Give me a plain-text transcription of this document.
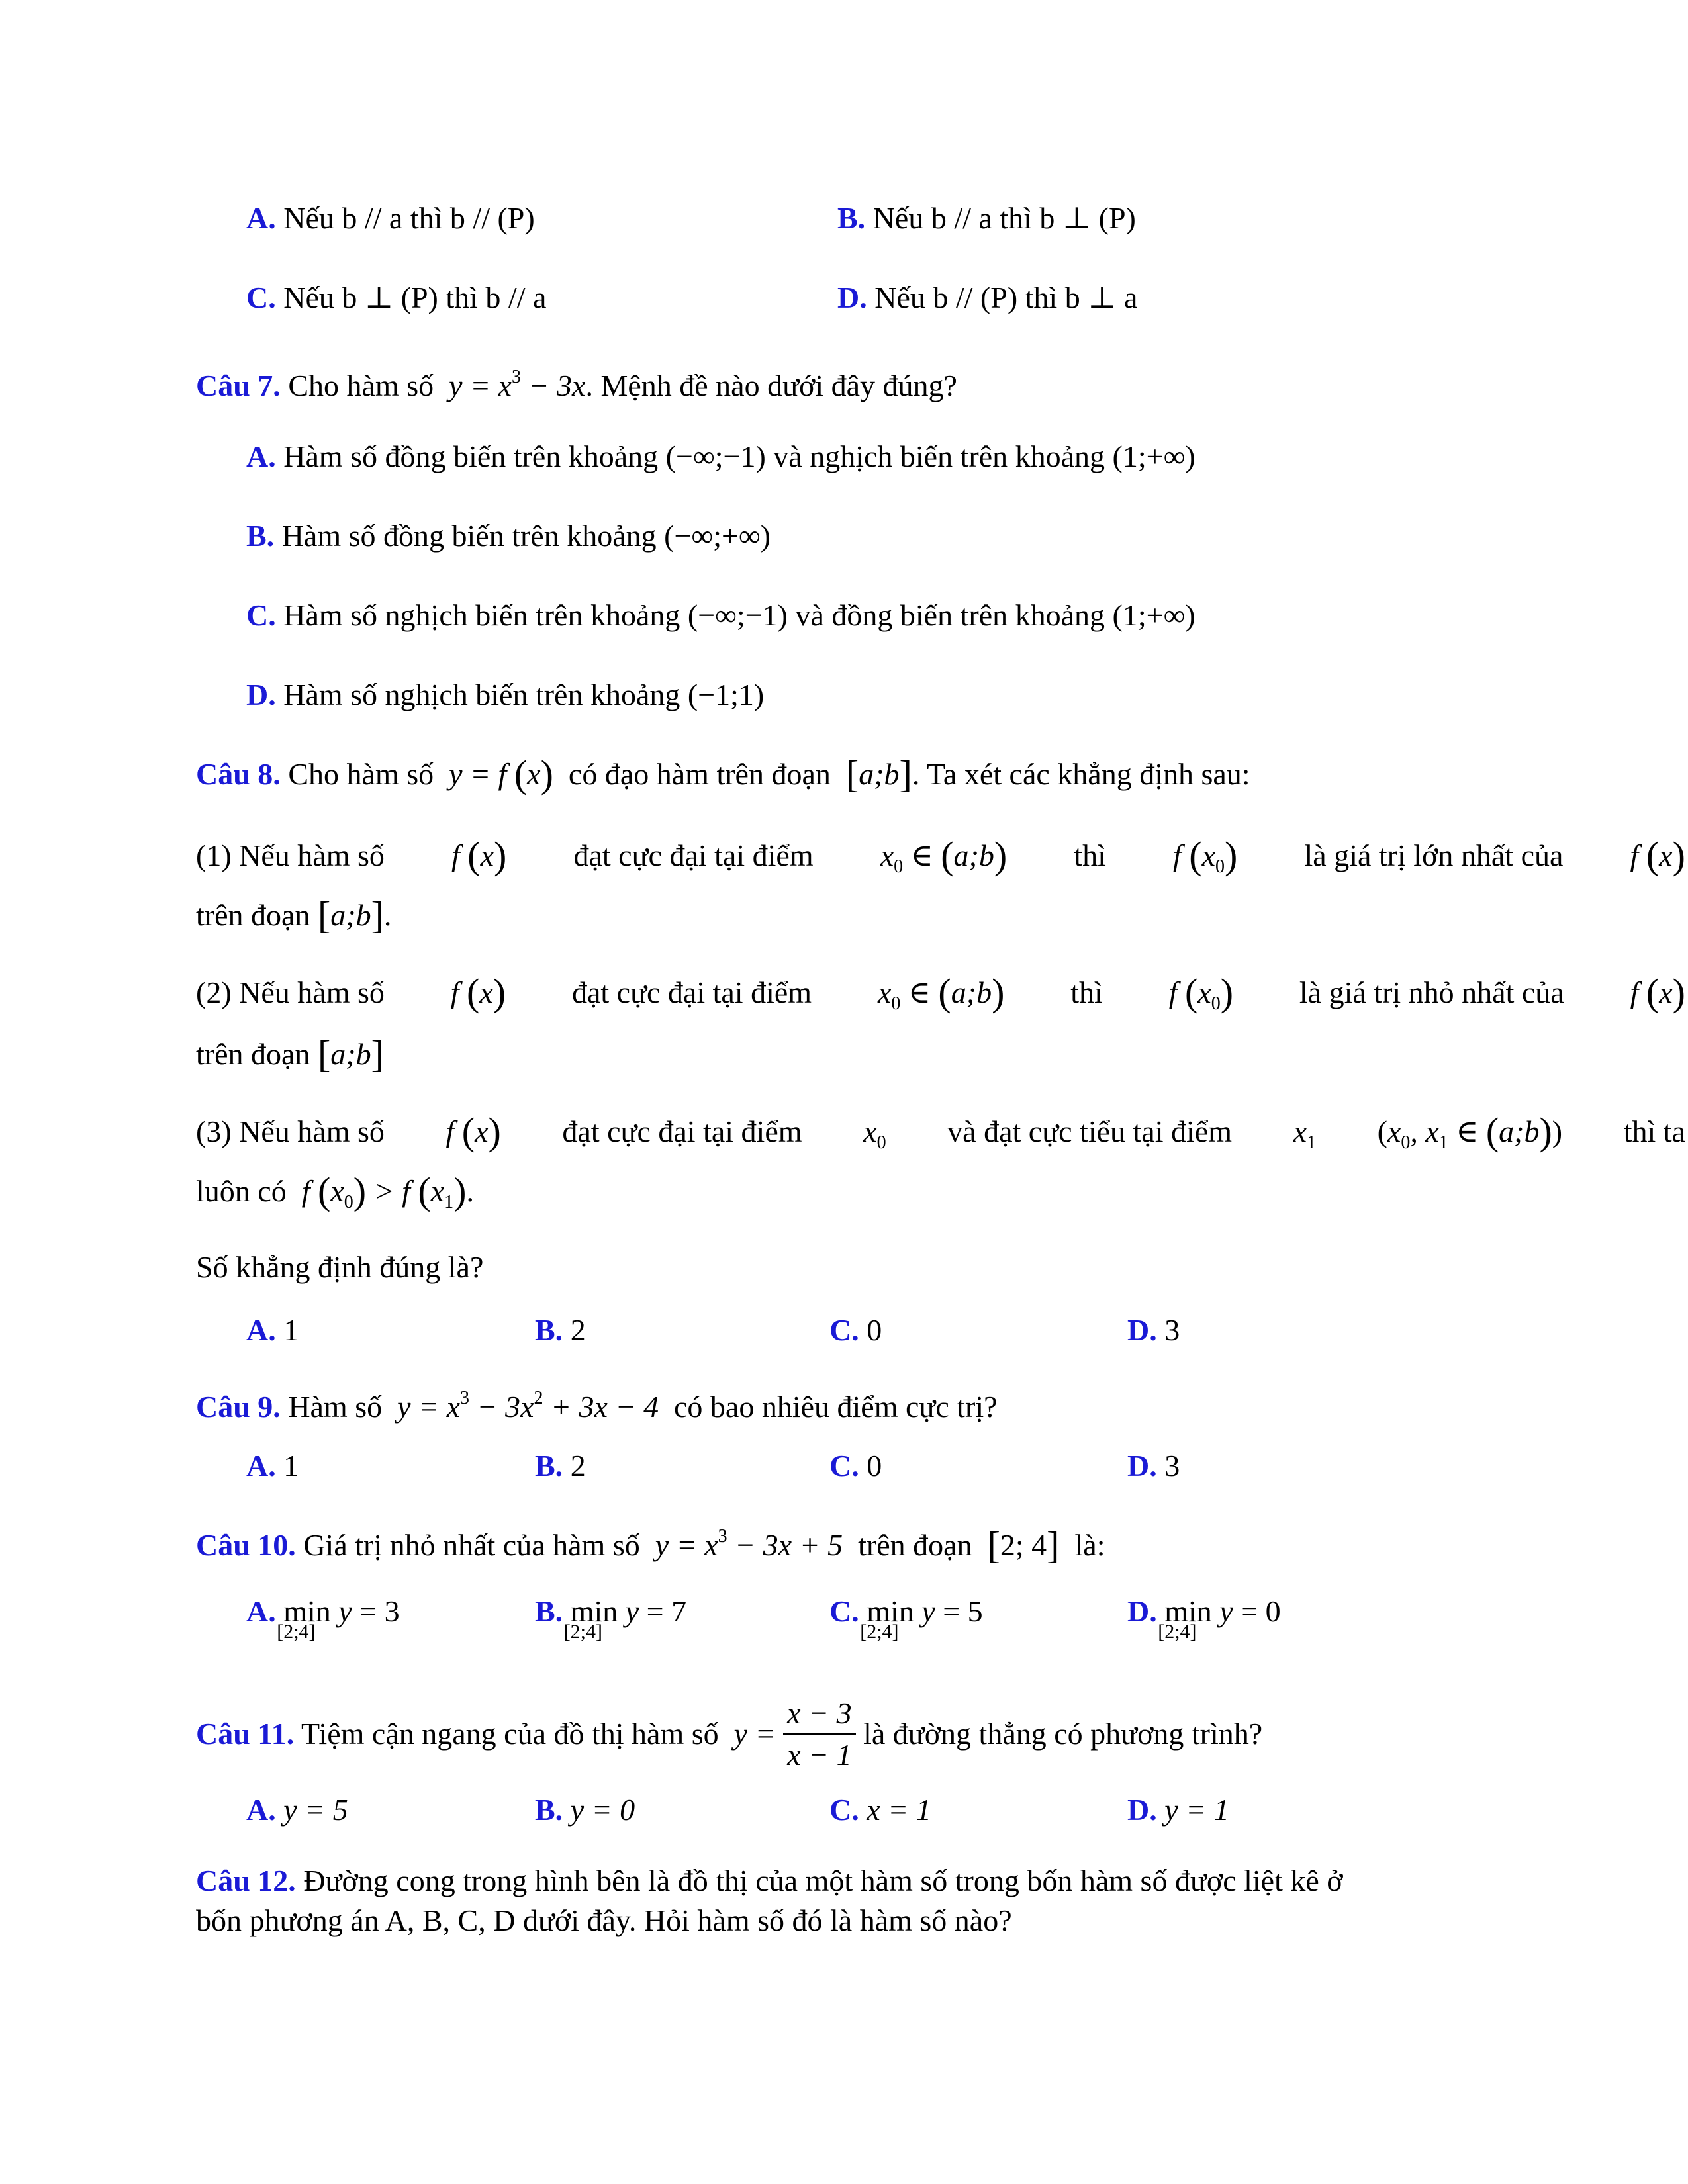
A. Nếu b // a thì b // (P)	B. Nếu b // a thì b ⊥ (P)
C. Nếu b ⊥ (P) thì b // a	D. Nếu b // (P) thì b ⊥ a
Câu 7. Cho hàm số $y = x^3 - 3x$. Mệnh đề nào dưới đây đúng?
A. Hàm số đồng biến trên khoảng (−∞;−1) và nghịch biến trên khoảng (1;+∞)
B. Hàm số đồng biến trên khoảng (−∞;+∞)
C. Hàm số nghịch biến trên khoảng (−∞;−1) và đồng biến trên khoảng (1;+∞)
D. Hàm số nghịch biến trên khoảng (−1;1)
Câu 8. Cho hàm số y = f (x) có đạo hàm trên đoạn [a;b]. Ta xét các khẳng định sau:
(1) Nếu hàm số f (x) đạt cực đại tại điểm $x_0$ ∈ (a;b) thì f $(x_0)$ là giá trị lớn nhất của f (x)
trên đoạn [a;b].
(2) Nếu hàm số f (x) đạt cực đại tại điểm $x_0$ ∈ (a;b) thì f $(x_0)$ là giá trị nhỏ nhất của f (x)
trên đoạn [a;b]
(3) Nếu hàm số f (x) đạt cực đại tại điểm $x_0$ và đạt cực tiểu tại điểm $x_1$ ($x_0$, $x_1$ ∈ (a;b)) thì ta
luôn có f $(x_0) > f$ $(x_1)$.
Số khẳng định đúng là?
A. 1	B. 2	C. 0	D. 3
Câu 9. Hàm số $y = x^3 - 3x^2 + 3x - 4$ có bao nhiêu điểm cực trị?
A. 1	B. 2	C. 0	D. 3
Câu 10. Giá trị nhỏ nhất của hàm số $y = x^3 - 3x + 5$ trên đoạn [2; 4] là:
A. min
[2;4]
y = 3	B. min
[2;4]
y = 7	C. min
[2;4]
y = 5	D. min
[2;4]
y = 0
Câu 11. Tiệm cận ngang của đồ thị hàm số $y = \frac{x - 3}{x - 1}$ là đường thẳng có phương trình?
A. y = 5	B. y = 0	C. x = 1	D. y = 1
Câu 12. Đường cong trong hình bên là đồ thị của một hàm số trong bốn hàm số được liệt kê ở
bốn phương án A, B, C, D dưới đây. Hỏi hàm số đó là hàm số nào?
